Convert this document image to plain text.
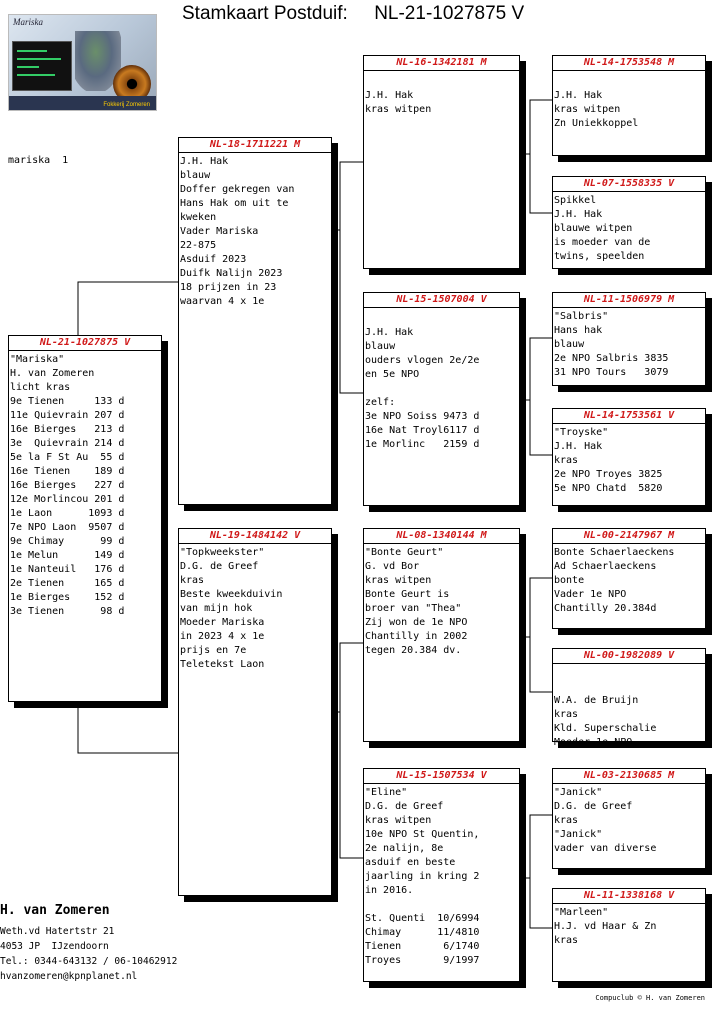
Stamkaart Postduif:     NL-21-1027875 V
Mariska
Fokkerij Zomeren
mariska  1
NL-21-1027875 V
"Mariska"
H. van Zomeren
licht kras
9e Tienen     133 d
11e Quievrain 207 d
16e Bierges   213 d
3e  Quievrain 214 d
5e la F St Au  55 d
16e Tienen    189 d
16e Bierges   227 d
12e Morlincou 201 d
1e Laon      1093 d
7e NPO Laon  9507 d
9e Chimay      99 d
1e Melun      149 d
1e Nanteuil   176 d
2e Tienen     165 d
1e Bierges    152 d
3e Tienen      98 d
NL-18-1711221 M
J.H. Hak
blauw
Doffer gekregen van
Hans Hak om uit te
kweken
Vader Mariska
22-875
Asduif 2023
Duifk Nalijn 2023
18 prijzen in 23
waarvan 4 x 1e
NL-19-1484142 V
"Topkweekster"
D.G. de Greef
kras
Beste kweekduivin
van mijn hok
Moeder Mariska
in 2023 4 x 1e
prijs en 7e
Teletekst Laon
NL-16-1342181 M
J.H. Hak
kras witpen
NL-15-1507004 V
J.H. Hak
blauw
ouders vlogen 2e/2e
en 5e NPO

zelf:
3e NPO Soiss 9473 d
16e Nat Troyl6117 d
1e Morlinc   2159 d
NL-08-1340144 M
"Bonte Geurt"
G. vd Bor
kras witpen
Bonte Geurt is
broer van "Thea"
Zij won de 1e NPO
Chantilly in 2002
tegen 20.384 dv.
NL-15-1507534 V
"Eline"
D.G. de Greef
kras witpen
10e NPO St Quentin,
2e nalijn, 8e
asduif en beste
jaarling in kring 2
in 2016.

St. Quenti  10/6994
Chimay      11/4810
Tienen       6/1740
Troyes       9/1997
NL-14-1753548 M
J.H. Hak
kras witpen
Zn Uniekkoppel
NL-07-1558335 V
Spikkel
J.H. Hak
blauwe witpen
is moeder van de
twins, speelden
NL-11-1506979 M
"Salbris"
Hans hak
blauw
2e NPO Salbris 3835
31 NPO Tours   3079
NL-14-1753561 V
"Troyske"
J.H. Hak
kras
2e NPO Troyes 3825
5e NPO Chatd  5820
NL-00-2147967 M
Bonte Schaerlaeckens
Ad Schaerlaeckens
bonte
Vader 1e NPO
Chantilly 20.384d
NL-00-1982089 V

W.A. de Bruijn
kras
Kld. Superschalie
Moeder 1e NPO
NL-03-2130685 M
"Janick"
D.G. de Greef
kras
"Janick"
vader van diverse
NL-11-1338168 V
"Marleen"
H.J. vd Haar & Zn
kras
H. van Zomeren
Weth.vd Hatertstr 21
4053 JP  IJzendoorn
Tel.: 0344-643132 / 06-10462912
hvanzomeren@kpnplanet.nl
Compuclub © H. van Zomeren
